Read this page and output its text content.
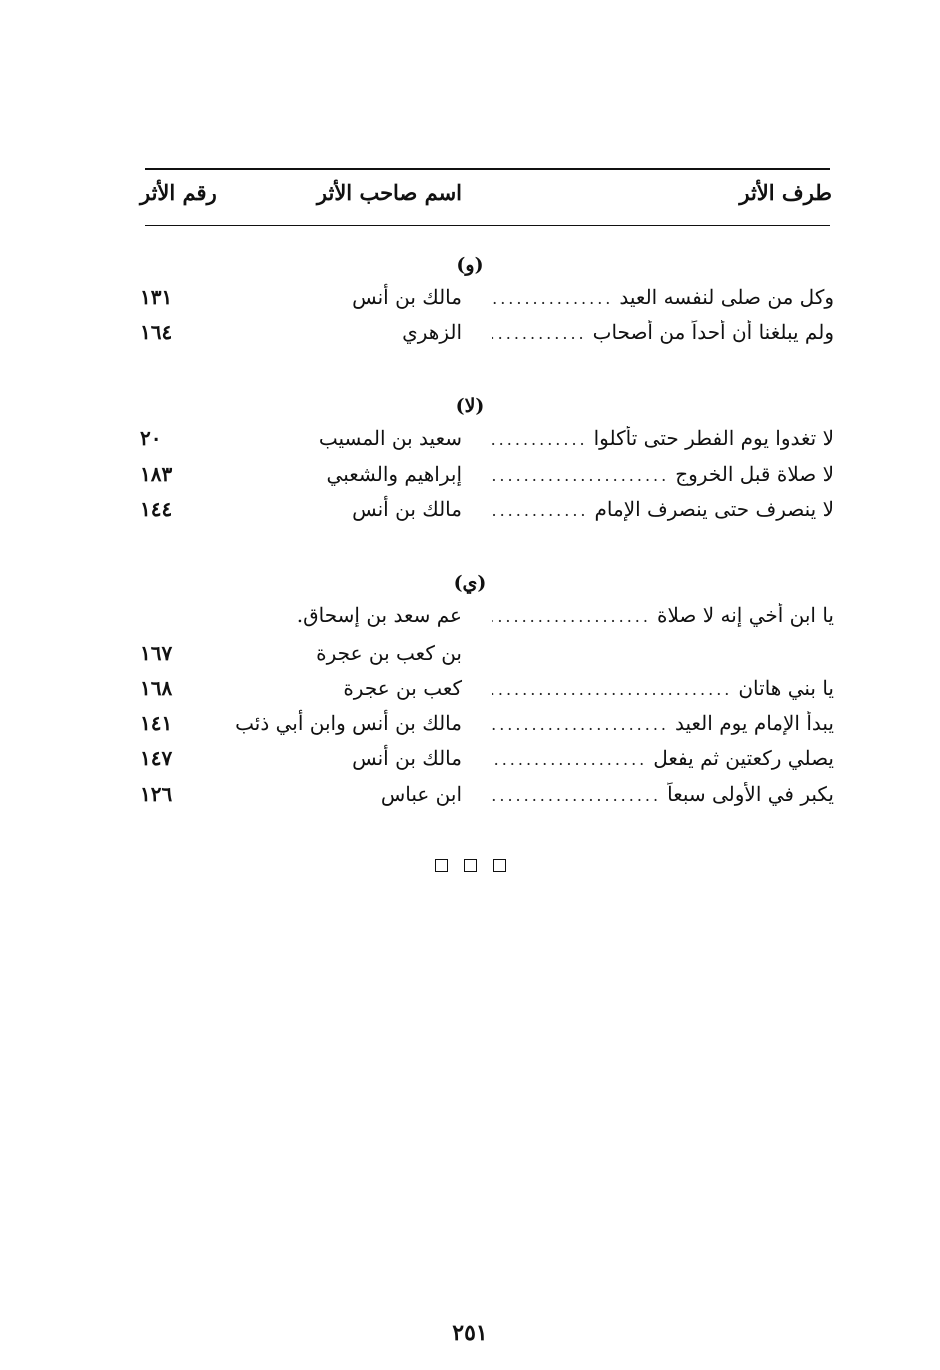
طرف الأثر
اسم صاحب الأثر
رقم الأثر
(و)
وكل من صلى لنفسه العيد
.....
مالك بن أنس
١٣١
ولم يبلغنا أن أحداً من أصحاب
.....
الزهري
١٦٤
(لا)
لا تغدوا يوم الفطر حتى تأكلوا
.....
سعيد بن المسيب
٢٠
لا صلاة قبل الخروج
.....
إبراهيم والشعبي
١٨٣
لا ينصرف حتى ينصرف الإمام
.....
مالك بن أنس
١٤٤
(ي)
يا ابن أخي إنه لا صلاة
.....
عم سعد بن إسحاق.
بن كعب بن عجرة
١٦٧
يا بني هاتان
.....
كعب بن عجرة
١٦٨
يبدأ الإمام يوم العيد
.....
مالك بن أنس وابن أبي ذئب
١٤١
يصلي ركعتين ثم يفعل
.....
مالك بن أنس
١٤٧
يكبر في الأولى سبعاً
.....
ابن عباس
١٢٦
٢٥١
